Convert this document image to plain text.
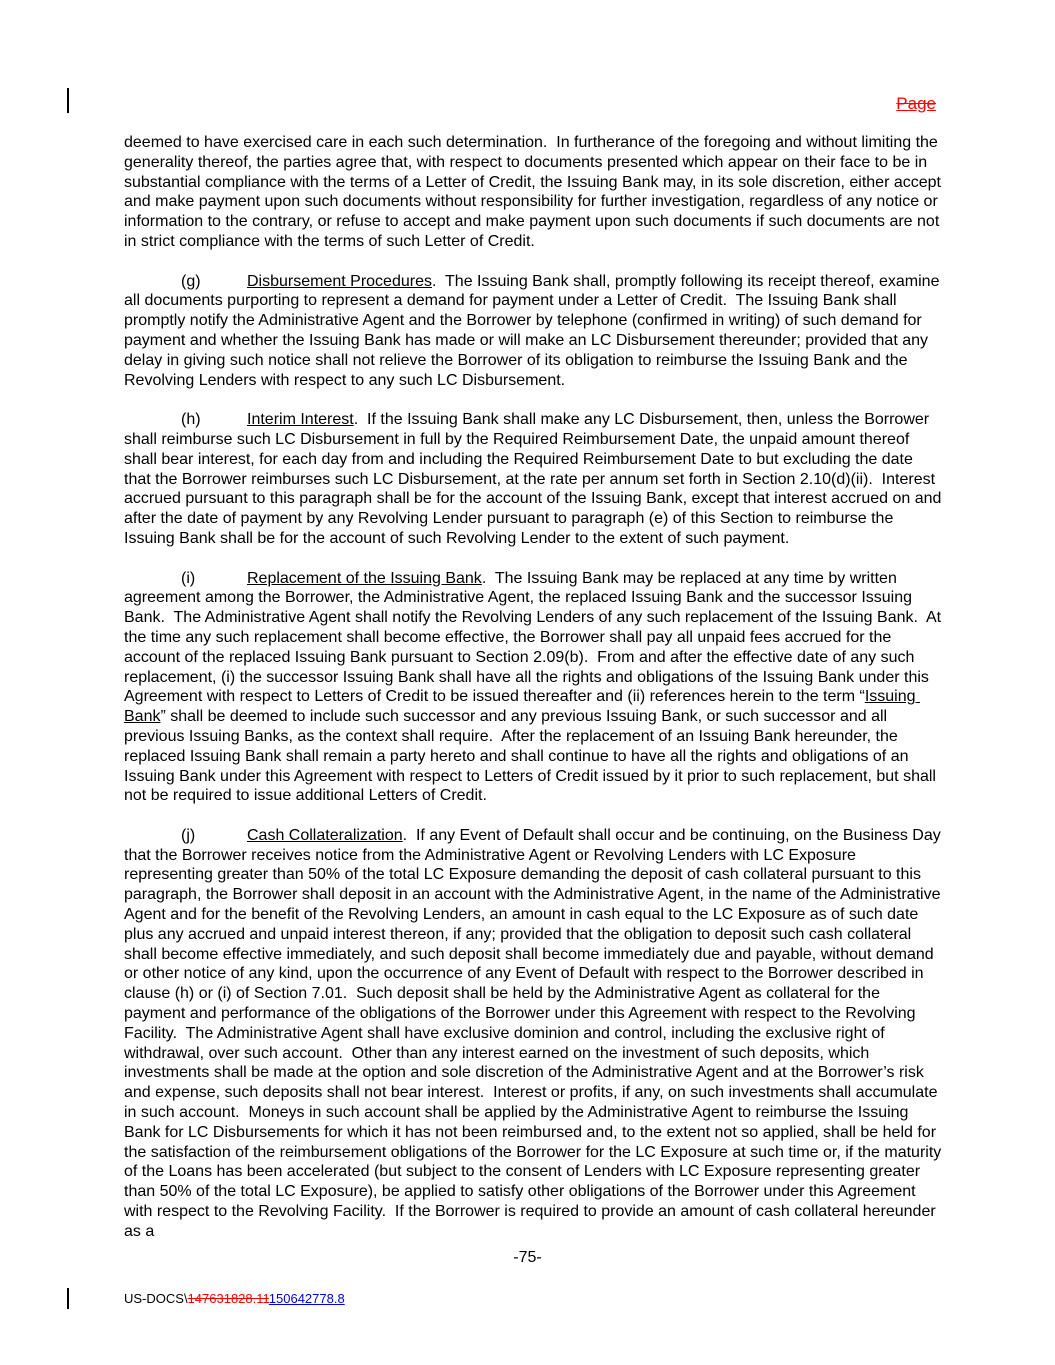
Page

deemed to have exercised care in each such determination.  In furtherance of the foregoing and without limiting the generality thereof, the parties agree that, with respect to documents presented which appear on their face to be in substantial compliance with the terms of a Letter of Credit, the Issuing Bank may, in its sole discretion, either accept and make payment upon such documents without responsibility for further investigation, regardless of any notice or information to the contrary, or refuse to accept and make payment upon such documents if such documents are not in strict compliance with the terms of such Letter of Credit.

(g)	Disbursement Procedures.  The Issuing Bank shall, promptly following its receipt thereof, examine all documents purporting to represent a demand for payment under a Letter of Credit.  The Issuing Bank shall promptly notify the Administrative Agent and the Borrower by telephone (confirmed in writing) of such demand for payment and whether the Issuing Bank has made or will make an LC Disbursement thereunder; provided that any delay in giving such notice shall not relieve the Borrower of its obligation to reimburse the Issuing Bank and the Revolving Lenders with respect to any such LC Disbursement.

(h)	Interim Interest.  If the Issuing Bank shall make any LC Disbursement, then, unless the Borrower shall reimburse such LC Disbursement in full by the Required Reimbursement Date, the unpaid amount thereof shall bear interest, for each day from and including the Required Reimbursement Date to but excluding the date that the Borrower reimburses such LC Disbursement, at the rate per annum set forth in Section 2.10(d)(ii).  Interest accrued pursuant to this paragraph shall be for the account of the Issuing Bank, except that interest accrued on and after the date of payment by any Revolving Lender pursuant to paragraph (e) of this Section to reimburse the Issuing Bank shall be for the account of such Revolving Lender to the extent of such payment.

(i)	Replacement of the Issuing Bank.  The Issuing Bank may be replaced at any time by written agreement among the Borrower, the Administrative Agent, the replaced Issuing Bank and the successor Issuing Bank.  The Administrative Agent shall notify the Revolving Lenders of any such replacement of the Issuing Bank.  At the time any such replacement shall become effective, the Borrower shall pay all unpaid fees accrued for the account of the replaced Issuing Bank pursuant to Section 2.09(b).  From and after the effective date of any such replacement, (i) the successor Issuing Bank shall have all the rights and obligations of the Issuing Bank under this Agreement with respect to Letters of Credit to be issued thereafter and (ii) references herein to the term “Issuing Bank” shall be deemed to include such successor and any previous Issuing Bank, or such successor and all previous Issuing Banks, as the context shall require.  After the replacement of an Issuing Bank hereunder, the replaced Issuing Bank shall remain a party hereto and shall continue to have all the rights and obligations of an Issuing Bank under this Agreement with respect to Letters of Credit issued by it prior to such replacement, but shall not be required to issue additional Letters of Credit.

(j)	Cash Collateralization.  If any Event of Default shall occur and be continuing, on the Business Day that the Borrower receives notice from the Administrative Agent or Revolving Lenders with LC Exposure representing greater than 50% of the total LC Exposure demanding the deposit of cash collateral pursuant to this paragraph, the Borrower shall deposit in an account with the Administrative Agent, in the name of the Administrative Agent and for the benefit of the Revolving Lenders, an amount in cash equal to the LC Exposure as of such date plus any accrued and unpaid interest thereon, if any; provided that the obligation to deposit such cash collateral shall become effective immediately, and such deposit shall become immediately due and payable, without demand or other notice of any kind, upon the occurrence of any Event of Default with respect to the Borrower described in clause (h) or (i) of Section 7.01.  Such deposit shall be held by the Administrative Agent as collateral for the payment and performance of the obligations of the Borrower under this Agreement with respect to the Revolving Facility.  The Administrative Agent shall have exclusive dominion and control, including the exclusive right of withdrawal, over such account.  Other than any interest earned on the investment of such deposits, which investments shall be made at the option and sole discretion of the Administrative Agent and at the Borrower’s risk and expense, such deposits shall not bear interest.  Interest or profits, if any, on such investments shall accumulate in such account.  Moneys in such account shall be applied by the Administrative Agent to reimburse the Issuing Bank for LC Disbursements for which it has not been reimbursed and, to the extent not so applied, shall be held for the satisfaction of the reimbursement obligations of the Borrower for the LC Exposure at such time or, if the maturity of the Loans has been accelerated (but subject to the consent of Lenders with LC Exposure representing greater than 50% of the total LC Exposure), be applied to satisfy other obligations of the Borrower under this Agreement with respect to the Revolving Facility.  If the Borrower is required to provide an amount of cash collateral hereunder as a

-75-
US-DOCS\147631828.11150642778.8
